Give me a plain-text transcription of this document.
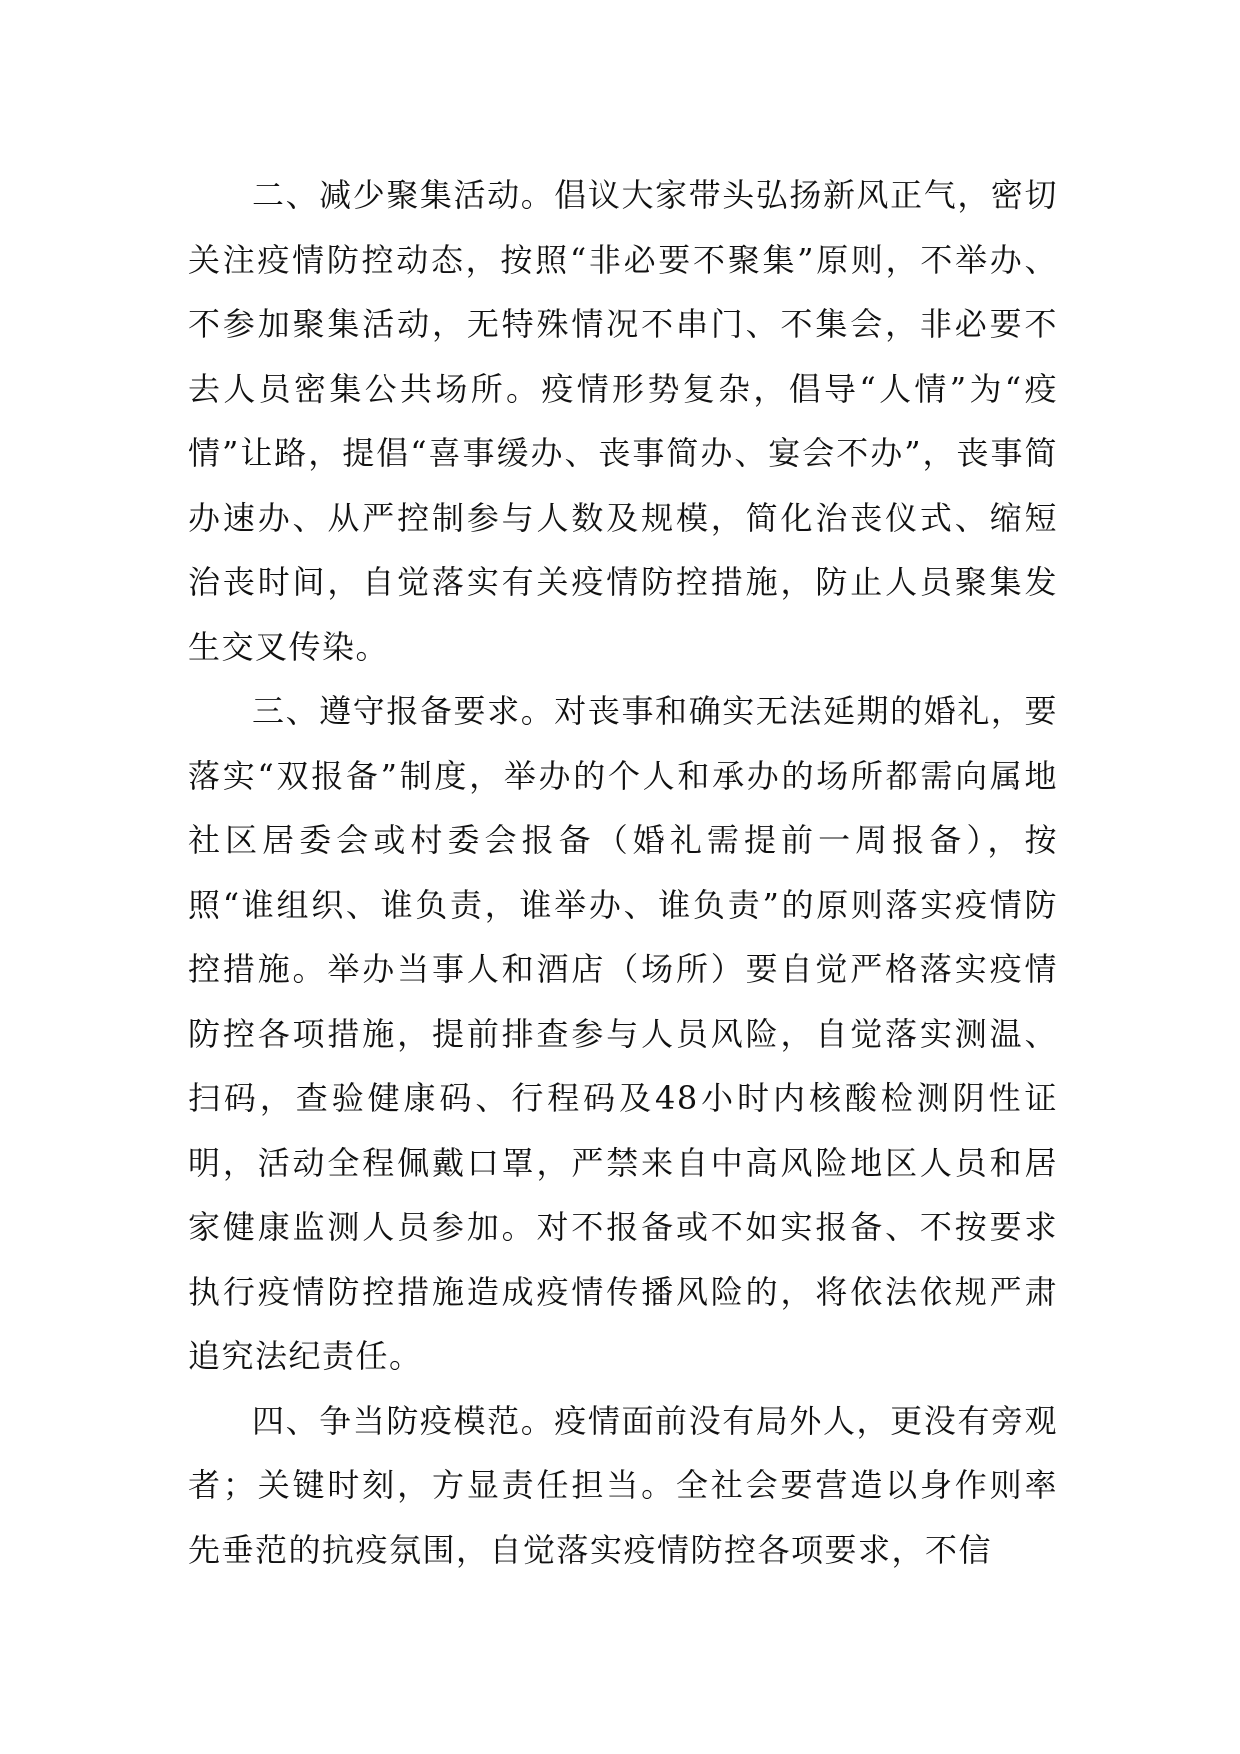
二、减少聚集活动。倡议大家带头弘扬新风正气，密切关注疫情防控动态，按照“非必要不聚集”原则，不举办、不参加聚集活动，无特殊情况不串门、不集会，非必要不去人员密集公共场所。疫情形势复杂，倡导“人情”为“疫情”让路，提倡“喜事缓办、丧事简办、宴会不办”，丧事简办速办、从严控制参与人数及规模，简化治丧仪式、缩短治丧时间，自觉落实有关疫情防控措施，防止人员聚集发生交叉传染。

三、遵守报备要求。对丧事和确实无法延期的婚礼，要落实“双报备”制度，举办的个人和承办的场所都需向属地社区居委会或村委会报备（婚礼需提前一周报备），按照“谁组织、谁负责，谁举办、谁负责”的原则落实疫情防控措施。举办当事人和酒店（场所）要自觉严格落实疫情防控各项措施，提前排查参与人员风险，自觉落实测温、扫码，查验健康码、行程码及48小时内核酸检测阴性证明，活动全程佩戴口罩，严禁来自中高风险地区人员和居家健康监测人员参加。对不报备或不如实报备、不按要求执行疫情防控措施造成疫情传播风险的，将依法依规严肃追究法纪责任。

四、争当防疫模范。疫情面前没有局外人，更没有旁观者；关键时刻，方显责任担当。全社会要营造以身作则率先垂范的抗疫氛围，自觉落实疫情防控各项要求，不信
